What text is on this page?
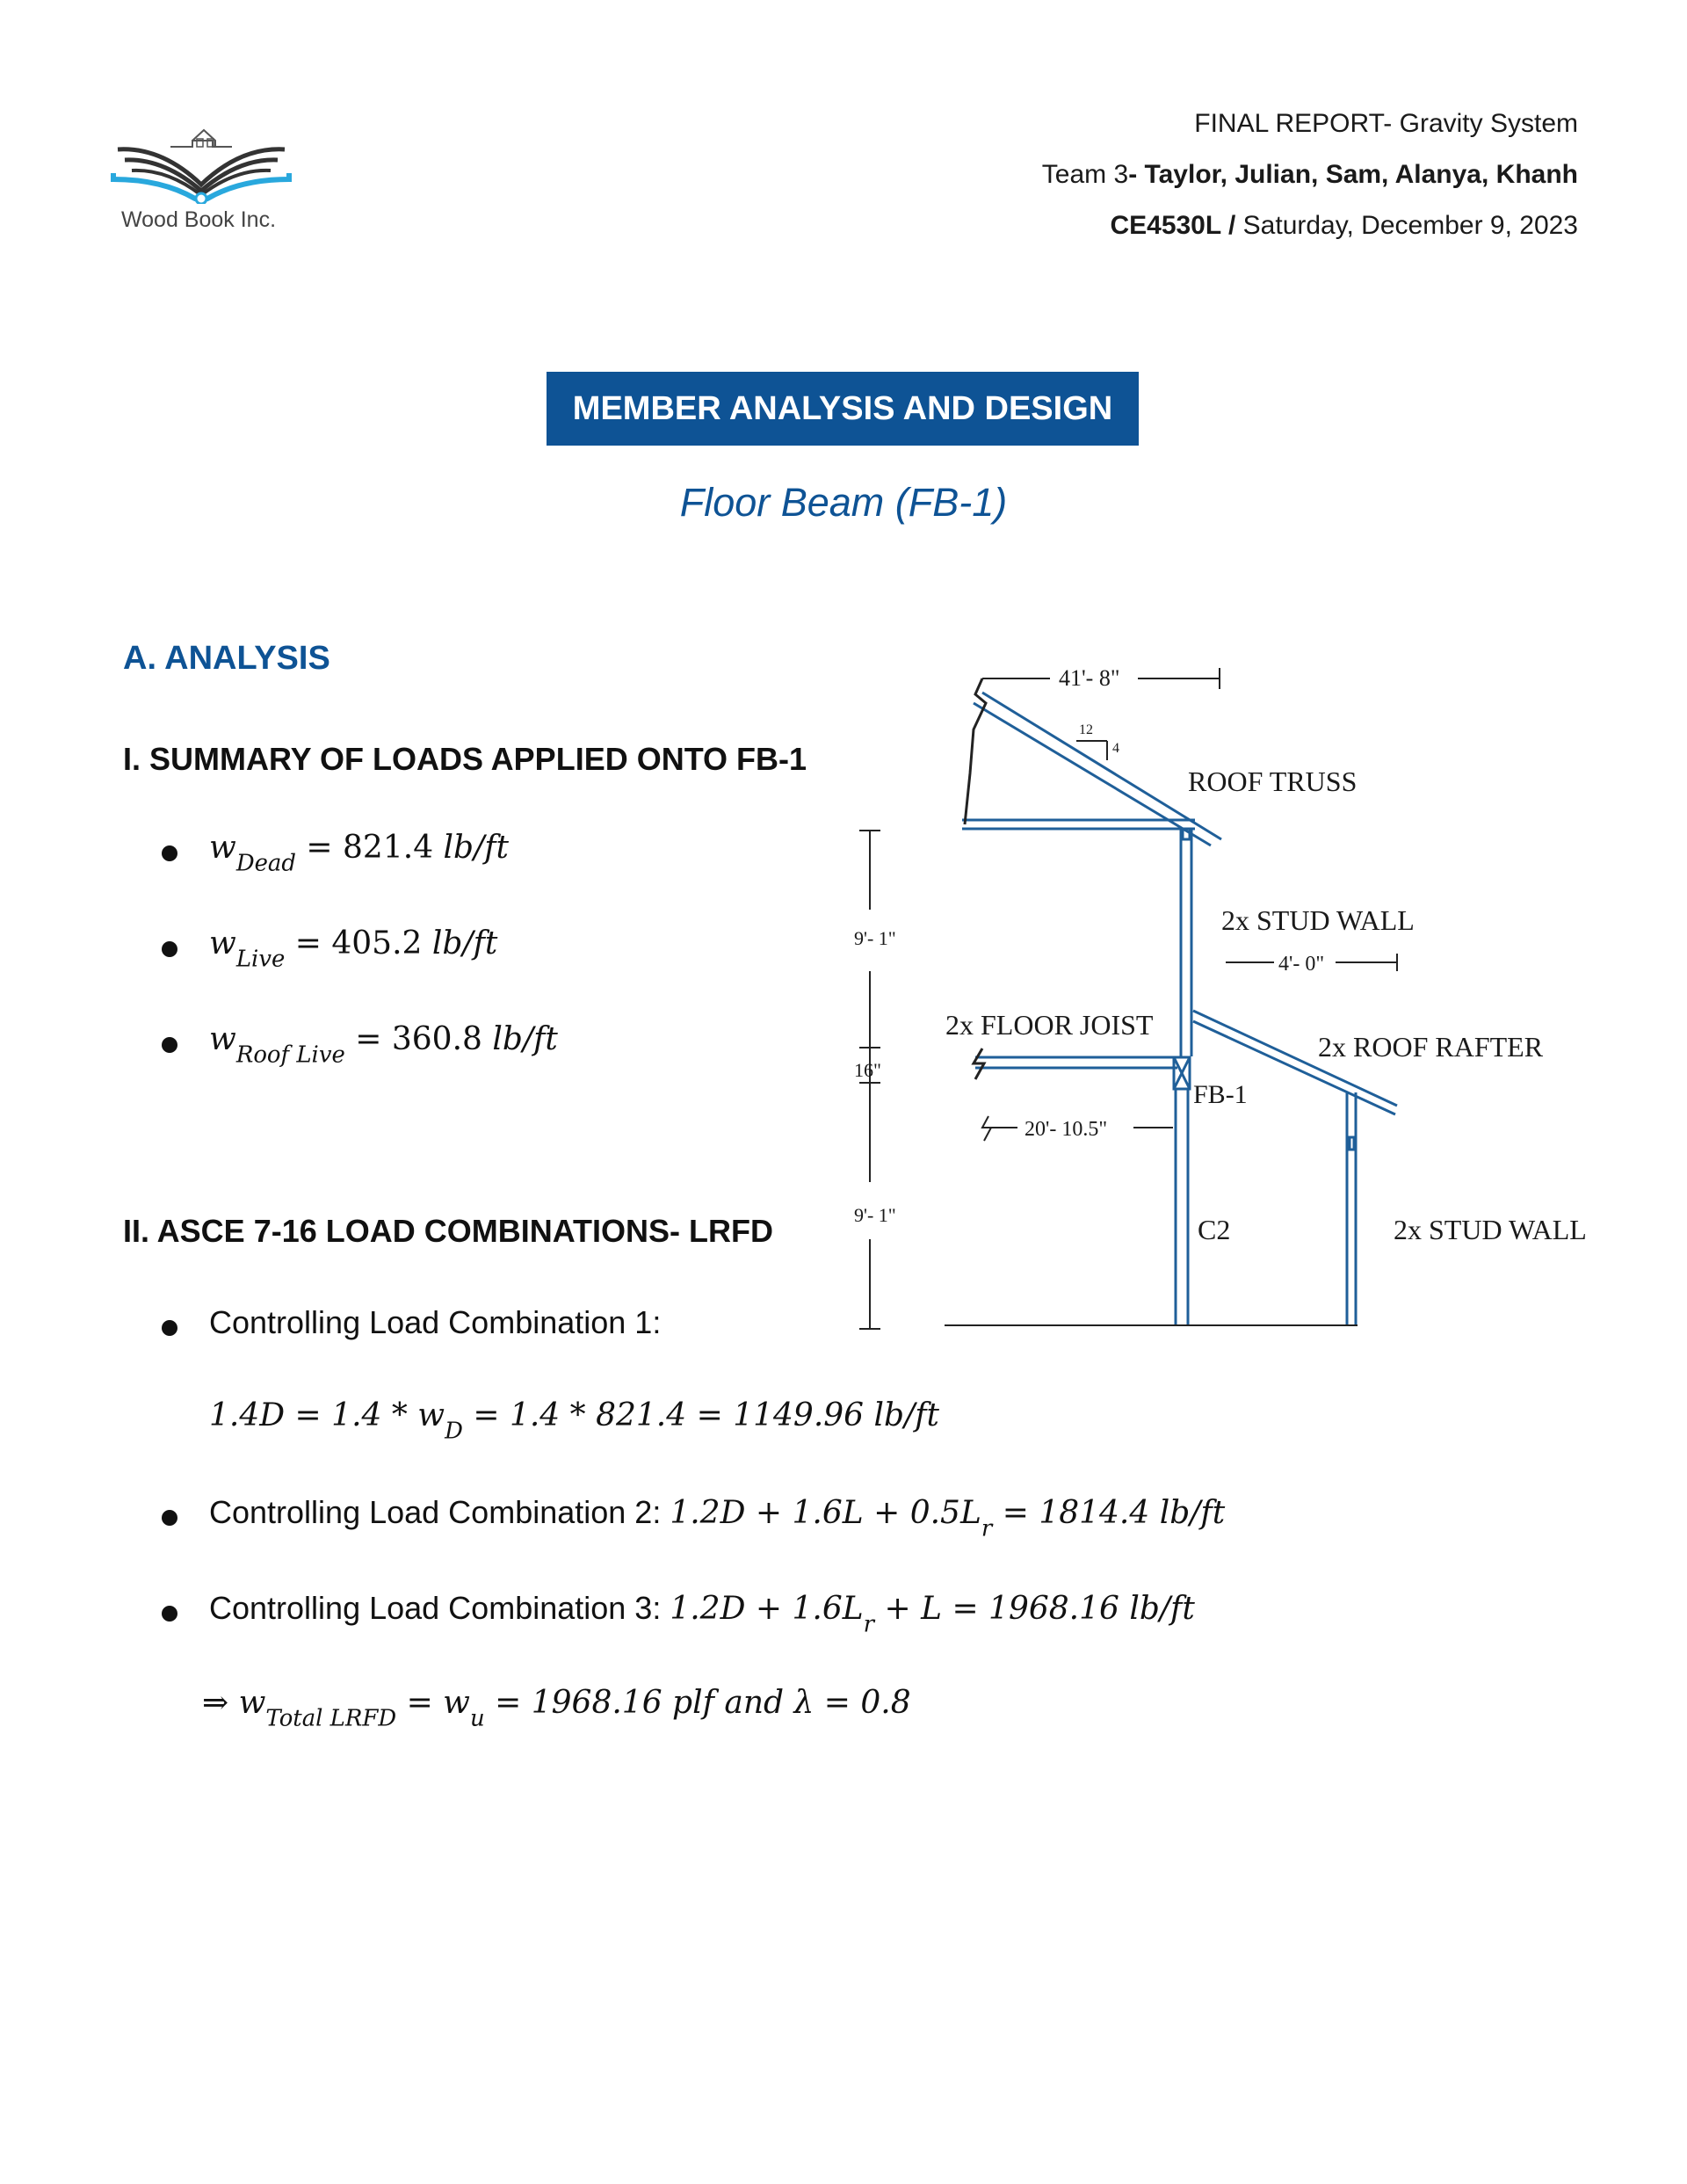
Wood Book Inc.
FINAL REPORT- Gravity System
Team 3- Taylor, Julian, Sam, Alanya, Khanh
CE4530L / Saturday, December 9, 2023
MEMBER ANALYSIS AND DESIGN
Floor Beam (FB-1)
A. ANALYSIS
I. SUMMARY OF LOADS APPLIED ONTO FB-1
$w_{Dead} = 821.4$ lb/ft
$w_{Live} = 405.2$ lb/ft
$w_{Roof Live} = 360.8$ lb/ft
II. ASCE 7-16 LOAD COMBINATIONS- LRFD
Controlling Load Combination 1:
$1.4D = 1.4 * w_D = 1.4 * 821.4 = 1149.96$ lb/ft
Controlling Load Combination 2: $1.2D + 1.6L + 0.5L_r = 1814.4$ lb/ft
Controlling Load Combination 3: $1.2D + 1.6L_r + L = 1968.16$ lb/ft
⇒ $w_{Total LRFD} = w_u = 1968.16$ plf and λ = 0.8
41'- 8"
12
4
ROOF TRUSS
2x STUD WALL
4'- 0"
2x FLOOR JOIST
2x ROOF RAFTER
FB-1
20'- 10.5"
C2	2x STUD WALL
9'- 1"
16"
9'- 1"
